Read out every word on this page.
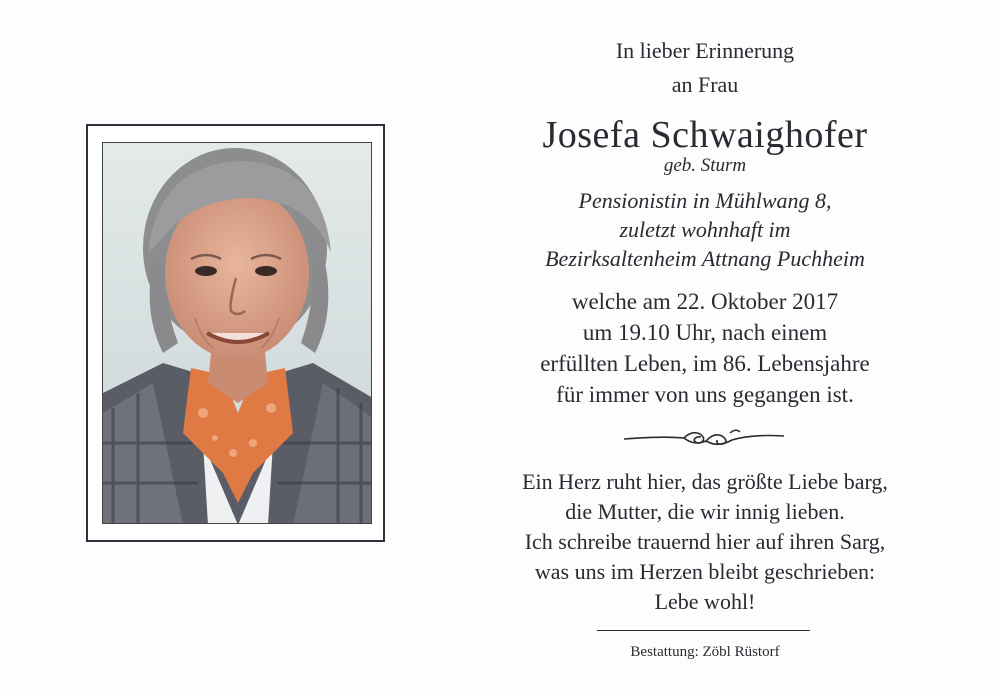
In lieber Erinnerung
an Frau
Josefa Schwaighofer
geb. Sturm
Pensionistin in Mühlwang 8,
zuletzt wohnhaft im
Bezirksaltenheim Attnang Puchheim
welche am 22. Oktober 2017
um 19.10 Uhr, nach einem
erfüllten Leben, im 86. Lebensjahre
für immer von uns gegangen ist.
Ein Herz ruht hier, das größte Liebe barg,
die Mutter, die wir innig lieben.
Ich schreibe trauernd hier auf ihren Sarg,
was uns im Herzen bleibt geschrieben:
Lebe wohl!
Bestattung: Zöbl Rüstorf
